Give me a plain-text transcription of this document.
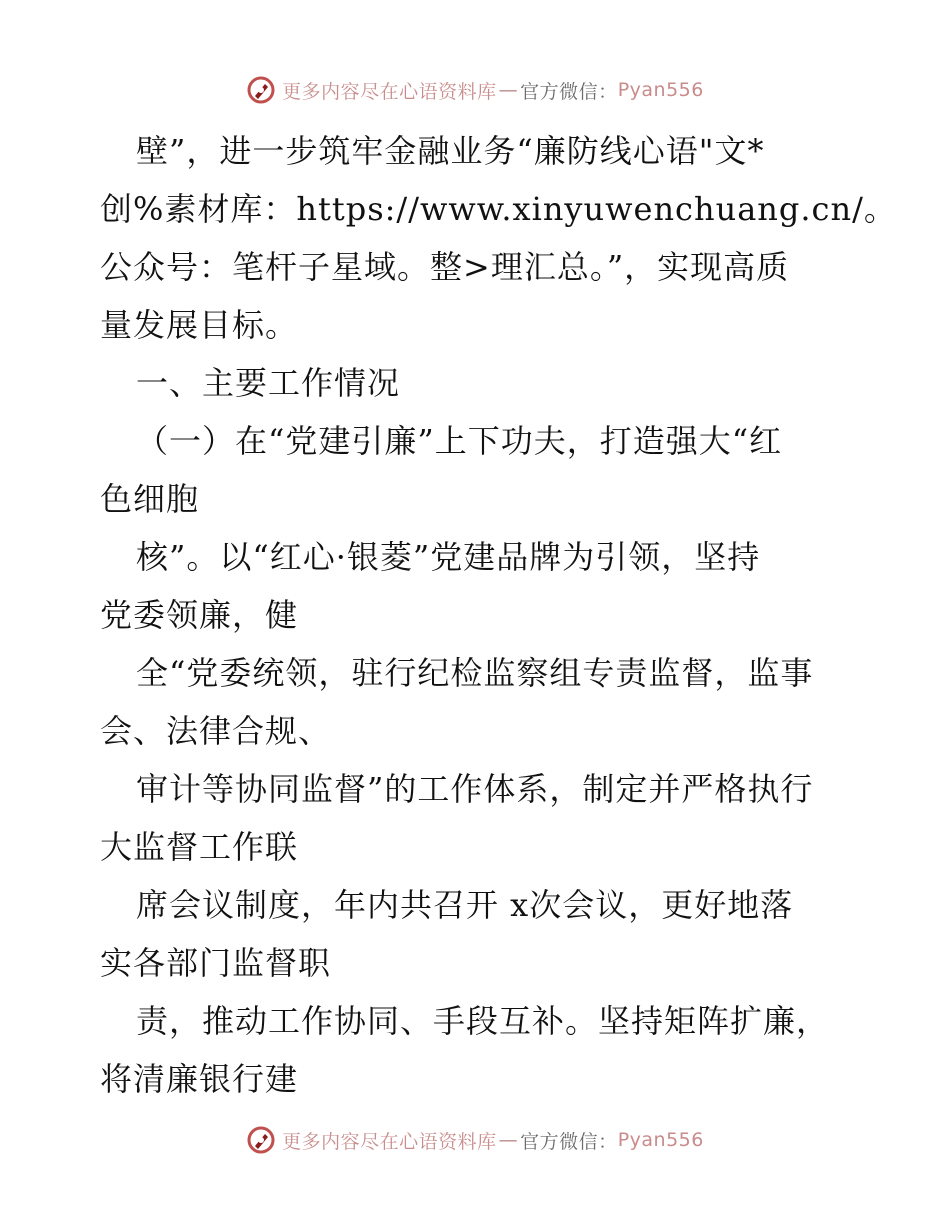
更多内容尽在心语资料库 — 官方微信： Pyan556
壁”，进一步筑牢金融业务“廉防线心语"文*
创%素材库：https://www.xinyuwenchuang.cn/。
公众号：笔杆子星域。整>理汇总。”，实现高质
量发展目标。
一、主要工作情况
（一）在“党建引廉”上下功夫，打造强大“红
色细胞
核”。以“红心·银菱”党建品牌为引领，坚持
党委领廉，健
全“党委统领，驻行纪检监察组专责监督，监事
会、法律合规、
审计等协同监督”的工作体系，制定并严格执行
大监督工作联
席会议制度，年内共召开 x次会议，更好地落
实各部门监督职
责，推动工作协同、手段互补。坚持矩阵扩廉，
将清廉银行建
更多内容尽在心语资料库 — 官方微信： Pyan556
